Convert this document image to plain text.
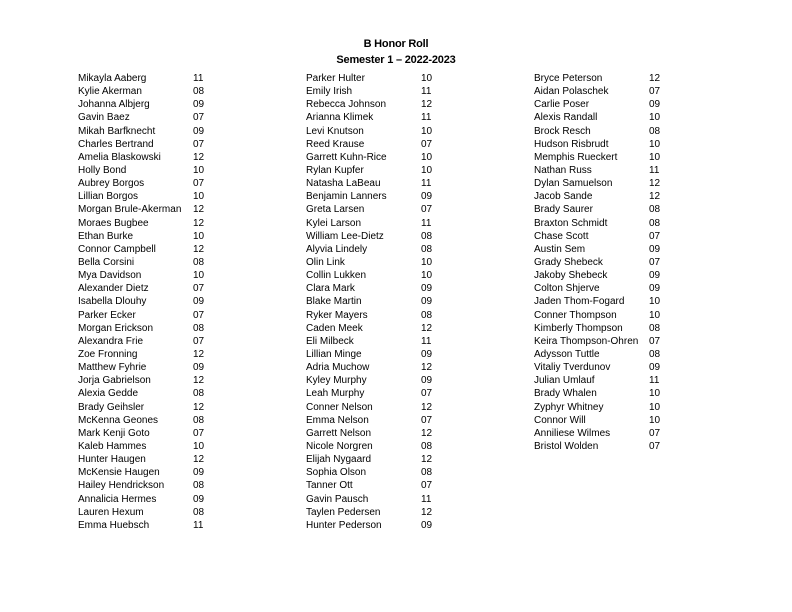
B Honor Roll
Semester 1 – 2022-2023
Mikayla Aaberg	11
Kylie Akerman	08
Johanna Albjerg	09
Gavin Baez	07
Mikah Barfknecht	09
Charles Bertrand	07
Amelia Blaskowski	12
Holly Bond	10
Aubrey Borgos	07
Lillian Borgos	10
Morgan Brule-Akerman 12
Moraes Bugbee	12
Ethan Burke	10
Connor Campbell	12
Bella Corsini	08
Mya Davidson	10
Alexander Dietz	07
Isabella Dlouhy	09
Parker Ecker	07
Morgan Erickson	08
Alexandra Frie	07
Zoe Fronning	12
Matthew Fyhrie	09
Jorja Gabrielson	12
Alexia Gedde	08
Brady Geihsler	12
McKenna Geones	08
Mark Kenji Goto	07
Kaleb Hammes	10
Hunter Haugen	12
McKensie Haugen	09
Hailey Hendrickson	08
Annalicia Hermes	09
Lauren Hexum	08
Emma Huebsch	11
Parker Hulter	10
Emily Irish	11
Rebecca Johnson	12
Arianna Klimek	11
Levi Knutson	10
Reed Krause	07
Garrett Kuhn-Rice	10
Rylan Kupfer	10
Natasha LaBeau	11
Benjamin Lanners	09
Greta Larsen	07
Kylei Larson	11
William Lee-Dietz	08
Alyvia Lindely	08
Olin Link	10
Collin Lukken	10
Clara Mark	09
Blake Martin	09
Ryker Mayers	08
Caden Meek	12
Eli Milbeck	11
Lillian Minge	09
Adria Muchow	12
Kyley Murphy	09
Leah Murphy	07
Conner Nelson	12
Emma Nelson	07
Garrett Nelson	12
Nicole Norgren	08
Elijah Nygaard	12
Sophia Olson	08
Tanner Ott	07
Gavin Pausch	11
Taylen Pedersen	12
Hunter Pederson	09
Bryce Peterson	12
Aidan Polaschek	07
Carlie Poser	09
Alexis Randall	10
Brock Resch	08
Hudson Risbrudt	10
Memphis Rueckert	10
Nathan Russ	11
Dylan Samuelson	12
Jacob Sande	12
Brady Saurer	08
Braxton Schmidt	08
Chase Scott	07
Austin Sem	09
Grady Shebeck	07
Jakoby Shebeck	09
Colton Shjerve	09
Jaden Thom-Fogard 10
Conner Thompson	10
Kimberly Thompson	08
Keira Thompson-Ohren 07
Adysson Tuttle	08
Vitaliy Tverdunov	09
Julian Umlauf	11
Brady Whalen	10
Zyphyr Whitney	10
Connor Will	10
Anniliese Wilmes	07
Bristol Wolden	07
